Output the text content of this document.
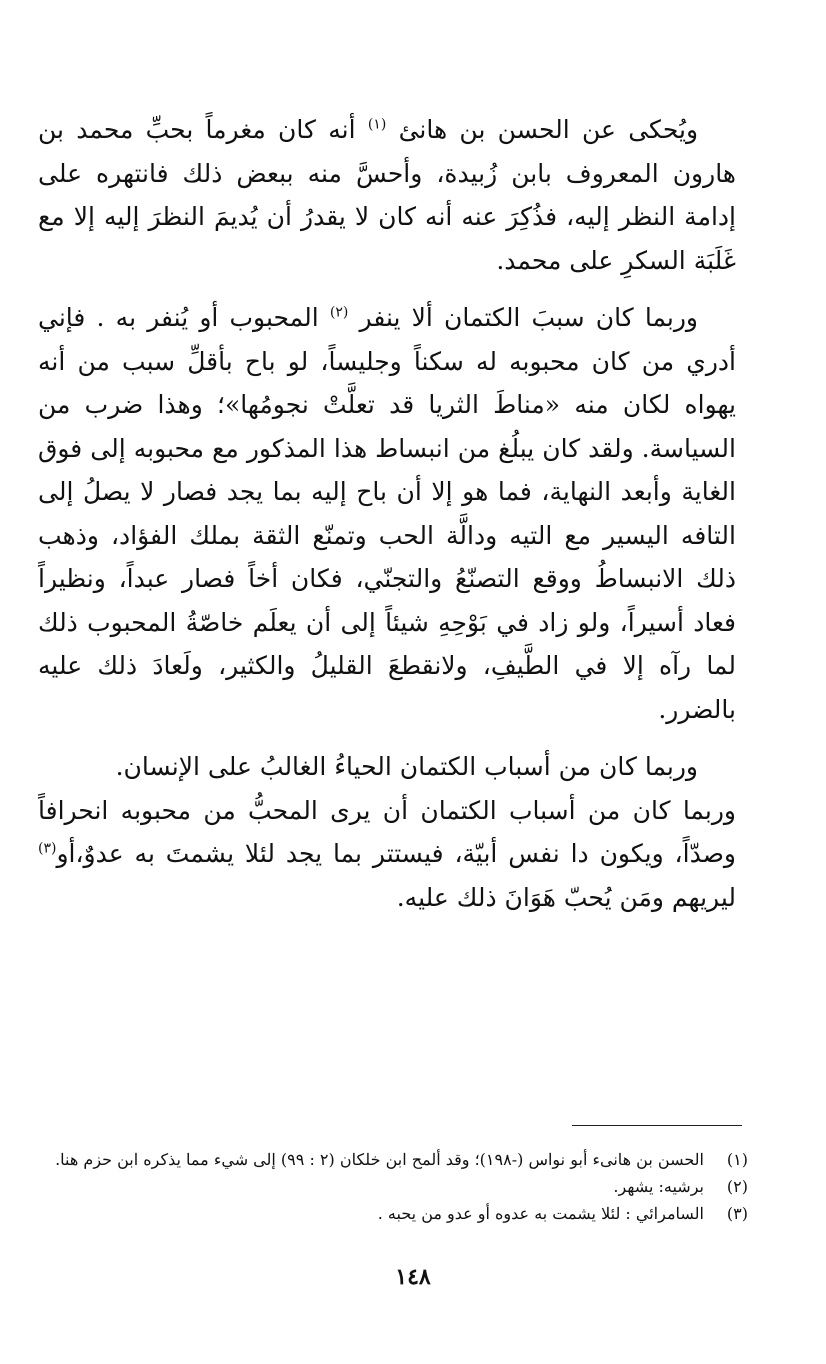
ويُحكى عن الحسن بن هانئ $^{(١)}$ أنه كان مغرماً بحبِّ محمد بن هارون المعروف بابن زُبيدة، وأحسَّ منه ببعض ذلك فانتهره على إدامة النظر إليه، فذُكِرَ عنه أنه كان لا يقدرُ أن يُديمَ النظرَ إليه إلا مع غَلَبَة السكرِ على محمد.

وربما كان سببَ الكتمان ألا ينفر $^{(٢)}$ المحبوب أو يُنفر به . فإني أدري من كان محبوبه له سكناً وجليساً، لو باح بأقلِّ سبب من أنه يهواه لكان منه «مناطَ الثريا قد تعلَّتْ نجومُها»؛ وهذا ضرب من السياسة. ولقد كان يبلُغ من انبساط هذا المذكور مع محبوبه إلى فوق الغاية وأبعد النهاية، فما هو إلا أن باح إليه بما يجد فصار لا يصلُ إلى التافه اليسير مع التيه ودالَّة الحب وتمنّع الثقة بملك الفؤاد، وذهب ذلك الانبساطُ ووقع التصنّعُ والتجنّي، فكان أخاً فصار عبداً، ونظيراً فعاد أسيراً، ولو زاد في بَوْحِهِ شيئاً إلى أن يعلَم خاصّةُ المحبوب ذلك لما رآه إلا في الطَّيفِ، ولانقطعَ القليلُ والكثير، ولَعادَ ذلك عليه بالضرر.

وربما كان من أسباب الكتمان الحياءُ الغالبُ على الإنسان.

وربما كان من أسباب الكتمان أن يرى المحبُّ من محبوبه انحرافاً وصدّاً، ويكون دا نفس أبيّة، فيستتر بما يجد لئلا يشمتَ به عدوٌ،أو$^{(٣)}$ ليريهم ومَن يُحبّ هَوَانَ ذلك عليه.

(١)
الحسن بن هانىء أبو نواس (-١٩٨)؛ وقد ألمح ابن خلكان (٢ : ٩٩) إلى شيء مما يذكره ابن حزم هنا.
(٢)
برشيه: يشهر.
(٣)
السامرائي : لئلا يشمت به عدوه أو عدو من يحبه .
١٤٨
